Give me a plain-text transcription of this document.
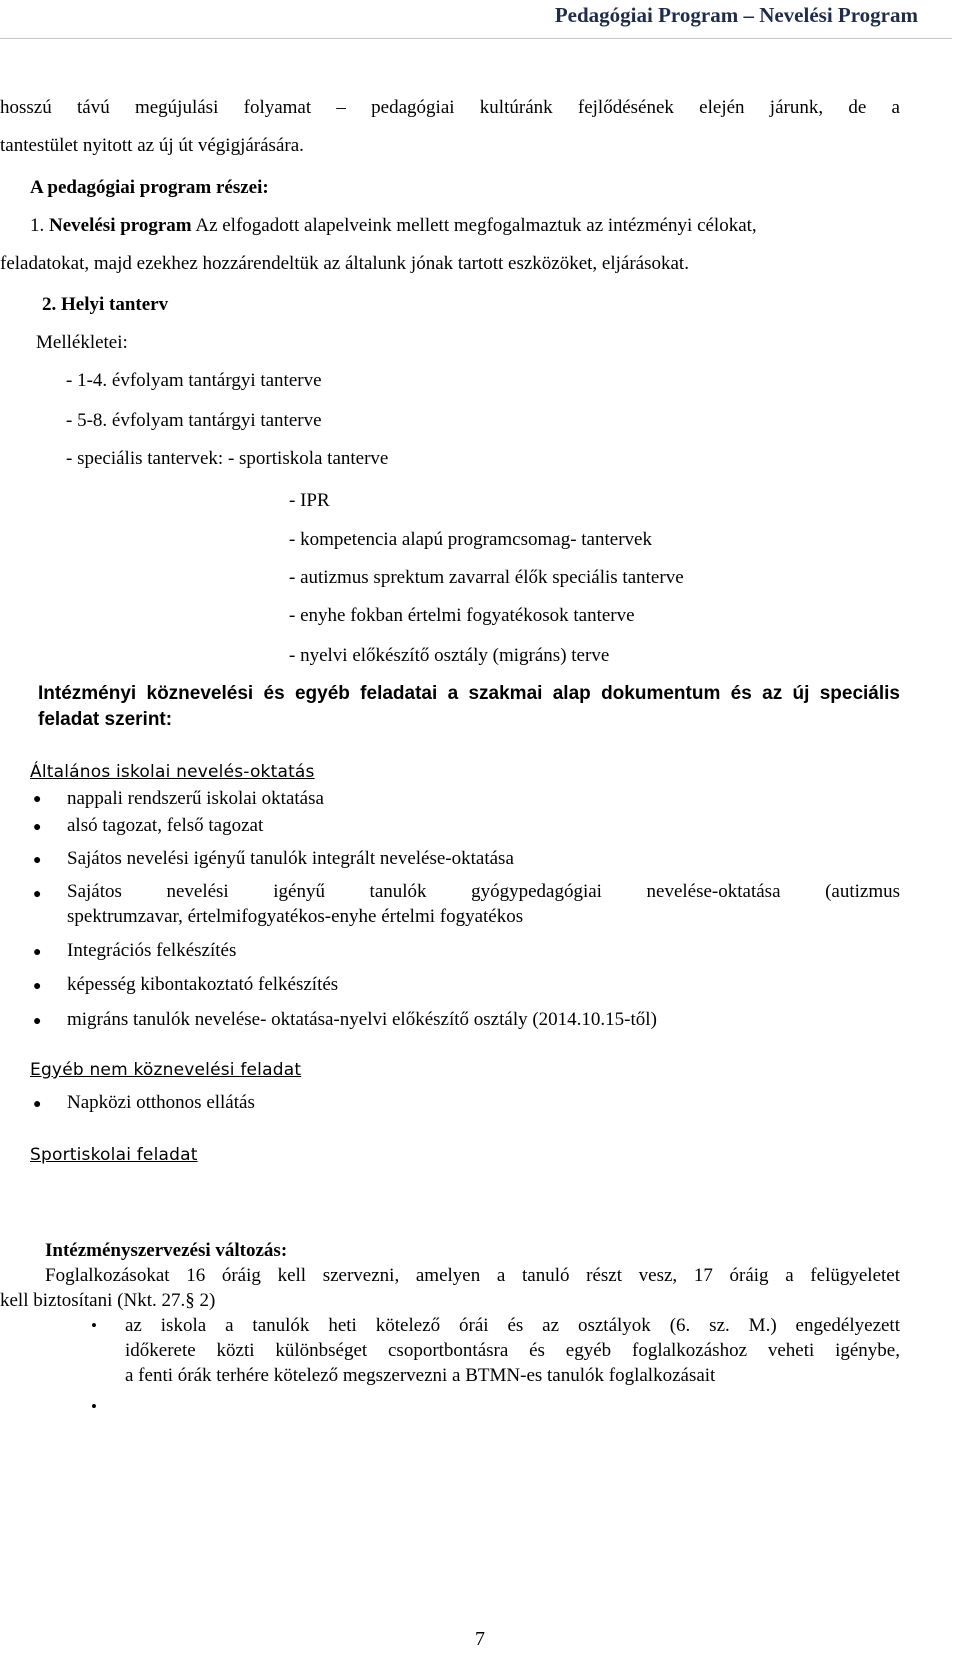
Pedagógiai Program – Nevelési Program
hosszú távú megújulási folyamat – pedagógiai kultúránk fejlődésének elején járunk, de a
tantestület nyitott az új út végigjárására.
A pedagógiai program részei:
1. Nevelési program Az elfogadott alapelveink mellett megfogalmaztuk az intézményi célokat,
feladatokat, majd ezekhez hozzárendeltük az általunk jónak tartott eszközöket, eljárásokat.
2. Helyi tanterv
Mellékletei:
- 1-4. évfolyam tantárgyi tanterve
- 5-8. évfolyam tantárgyi tanterve
- speciális tantervek: - sportiskola tanterve
- IPR
- kompetencia alapú programcsomag- tantervek
- autizmus sprektum zavarral élők speciális tanterve
- enyhe fokban értelmi fogyatékosok tanterve
- nyelvi előkészítő osztály (migráns) terve
Intézményi köznevelési és egyéb feladatai a szakmai alap dokumentum és az új speciális
feladat szerint:
Általános iskolai nevelés-oktatás
● nappali rendszerű iskolai oktatása
● alsó tagozat, felső tagozat
● Sajátos nevelési igényű tanulók integrált nevelése-oktatása
● Sajátos nevelési igényű tanulók gyógypedagógiai nevelése-oktatása (autizmus
spektrumzavar, értelmifogyatékos-enyhe értelmi fogyatékos
● Integrációs felkészítés
● képesség kibontakoztató felkészítés
● migráns tanulók nevelése- oktatása-nyelvi előkészítő osztály (2014.10.15-től)
Egyéb nem köznevelési feladat
● Napközi otthonos ellátás
Sportiskolai feladat
Intézményszervezési változás:
Foglalkozásokat 16 óráig kell szervezni, amelyen a tanuló részt vesz, 17 óráig a felügyeletet
kell biztosítani (Nkt. 27.§ 2)
• az iskola a tanulók heti kötelező órái és az osztályok (6. sz. M.) engedélyezett
időkerete közti különbséget csoportbontásra és egyéb foglalkozáshoz veheti igénybe,
a fenti órák terhére kötelező megszervezni a BTMN-es tanulók foglalkozásait
•
7
